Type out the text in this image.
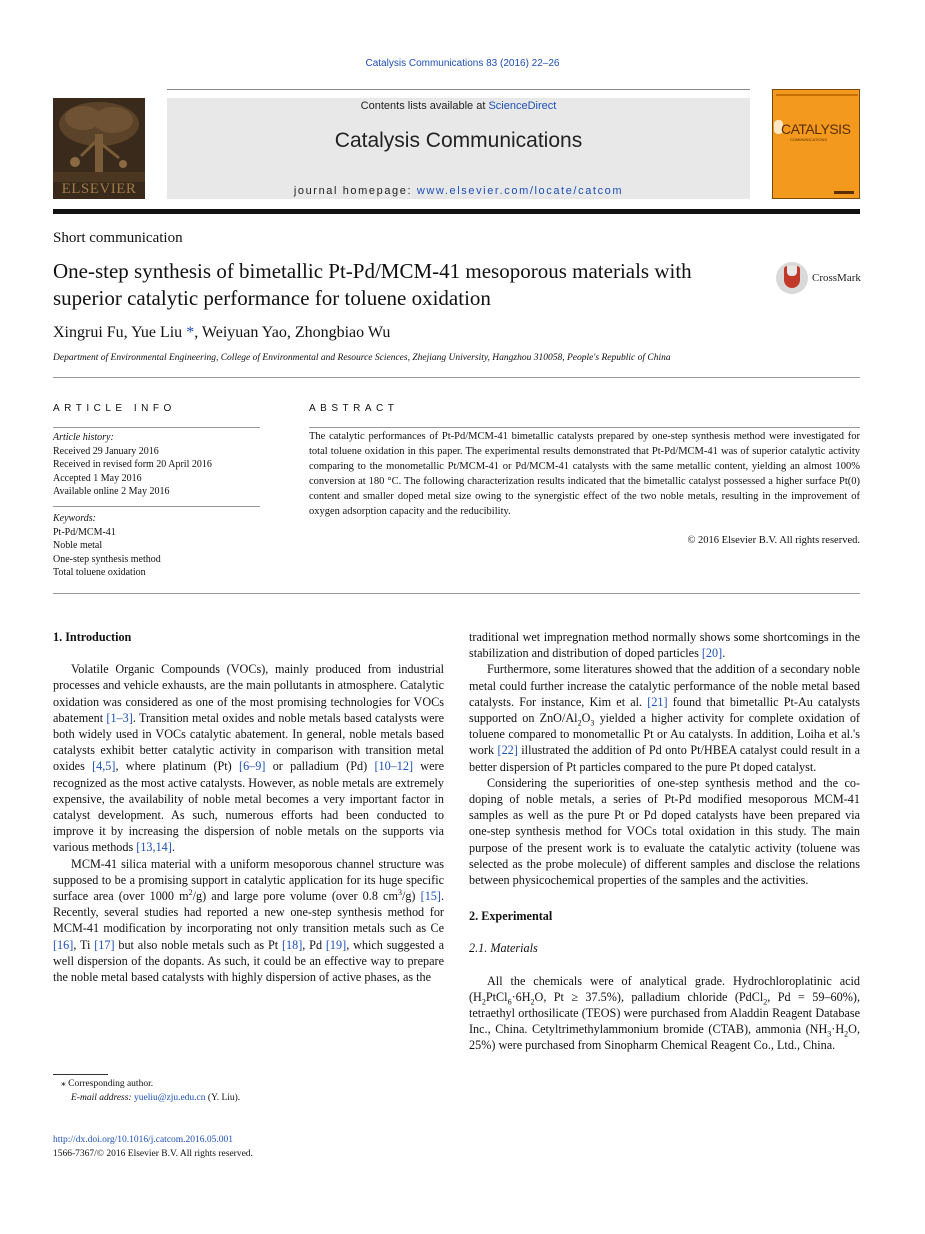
Catalysis Communications 83 (2016) 22–26
ELSEVIER
Contents lists available at ScienceDirect
Catalysis Communications
journal homepage: www.elsevier.com/locate/catcom
CATALYSIS
COMMUNICATIONS
Short communication
One-step synthesis of bimetallic Pt-Pd/MCM-41 mesoporous materials with superior catalytic performance for toluene oxidation
CrossMark
Xingrui Fu, Yue Liu *, Weiyuan Yao, Zhongbiao Wu
Department of Environmental Engineering, College of Environmental and Resource Sciences, Zhejiang University, Hangzhou 310058, People's Republic of China
ARTICLE INFO
Article history:
Received 29 January 2016
Received in revised form 20 April 2016
Accepted 1 May 2016
Available online 2 May 2016
Keywords:
Pt-Pd/MCM-41
Noble metal
One-step synthesis method
Total toluene oxidation
ABSTRACT
The catalytic performances of Pt-Pd/MCM-41 bimetallic catalysts prepared by one-step synthesis method were investigated for total toluene oxidation in this paper. The experimental results demonstrated that Pt-Pd/MCM-41 was of superior catalytic activity comparing to the monometallic Pt/MCM-41 or Pd/MCM-41 catalysts with the same metallic content, yielding an almost 100% conversion at 180 °C. The following characterization results indicated that the bimetallic catalyst possessed a higher surface Pt(0) content and smaller doped metal size owing to the synergistic effect of the two noble metals, resulting in the improvement of oxygen adsorption capacity and the reducibility.
© 2016 Elsevier B.V. All rights reserved.
1. Introduction

Volatile Organic Compounds (VOCs), mainly produced from industrial processes and vehicle exhausts, are the main pollutants in atmosphere. Catalytic oxidation was considered as one of the most promising technologies for VOCs abatement [1–3]. Transition metal oxides and noble metals based catalysts were both widely used in VOCs catalytic abatement. In general, noble metals based catalysts exhibit better catalytic activity in comparison with transition metal oxides [4,5], where platinum (Pt) [6–9] or palladium (Pd) [10–12] were recognized as the most active catalysts. However, as noble metals are extremely expensive, the availability of noble metal becomes a very important factor in catalyst development. As such, numerous efforts had been conducted to improve it by increasing the dispersion of noble metals on the supports via various methods [13,14].

MCM-41 silica material with a uniform mesoporous channel structure was supposed to be a promising support in catalytic application for its huge specific surface area (over 1000 $m^2/g$) and large pore volume (over 0.8 $cm^3/g$) [15]. Recently, several studies had reported a new one-step synthesis method for MCM-41 modification by incorporating not only transition metals such as Ce [16], Ti [17] but also noble metals such as Pt [18], Pd [19], which suggested a well dispersion of the dopants. As such, it could be an effective way to prepare the noble metal based catalysts with highly dispersion of active phases, as the

traditional wet impregnation method normally shows some shortcomings in the stabilization and distribution of doped particles [20].

Furthermore, some literatures showed that the addition of a secondary noble metal could further increase the catalytic performance of the noble metal based catalysts. For instance, Kim et al. [21] found that bimetallic Pt-Au catalysts supported on ZnO/$Al_2O_3$ yielded a higher activity for complete oxidation of toluene compared to monometallic Pt or Au catalysts. In addition, Loiha et al.'s work [22] illustrated the addition of Pd onto Pt/HBEA catalyst could result in a better dispersion of Pt particles compared to the pure Pt doped catalyst.

Considering the superiorities of one-step synthesis method and the co-doping of noble metals, a series of Pt-Pd modified mesoporous MCM-41 samples as well as the pure Pt or Pd doped catalysts have been prepared via one-step synthesis method for VOCs total oxidation in this study. The main purpose of the present work is to evaluate the catalytic activity (toluene was selected as the probe molecule) of different samples and disclose the relations between physicochemical properties of the samples and the activities.

2. Experimental
2.1. Materials

All the chemicals were of analytical grade. Hydrochloroplatinic acid ($H_2PtCl_6\cdot 6H_2O$, Pt ≥ 37.5%), palladium chloride (PdCl$_2$, Pd = 59–60%), tetraethyl orthosilicate (TEOS) were purchased from Aladdin Reagent Database Inc., China. Cetyltrimethylammonium bromide (CTAB), ammonia ($NH_3\cdot H_2O$, 25%) were purchased from Sinopharm Chemical Reagent Co., Ltd., China.

⁎ Corresponding author.
E-mail address: yueliu@zju.edu.cn (Y. Liu).
http://dx.doi.org/10.1016/j.catcom.2016.05.001
1566-7367/© 2016 Elsevier B.V. All rights reserved.
